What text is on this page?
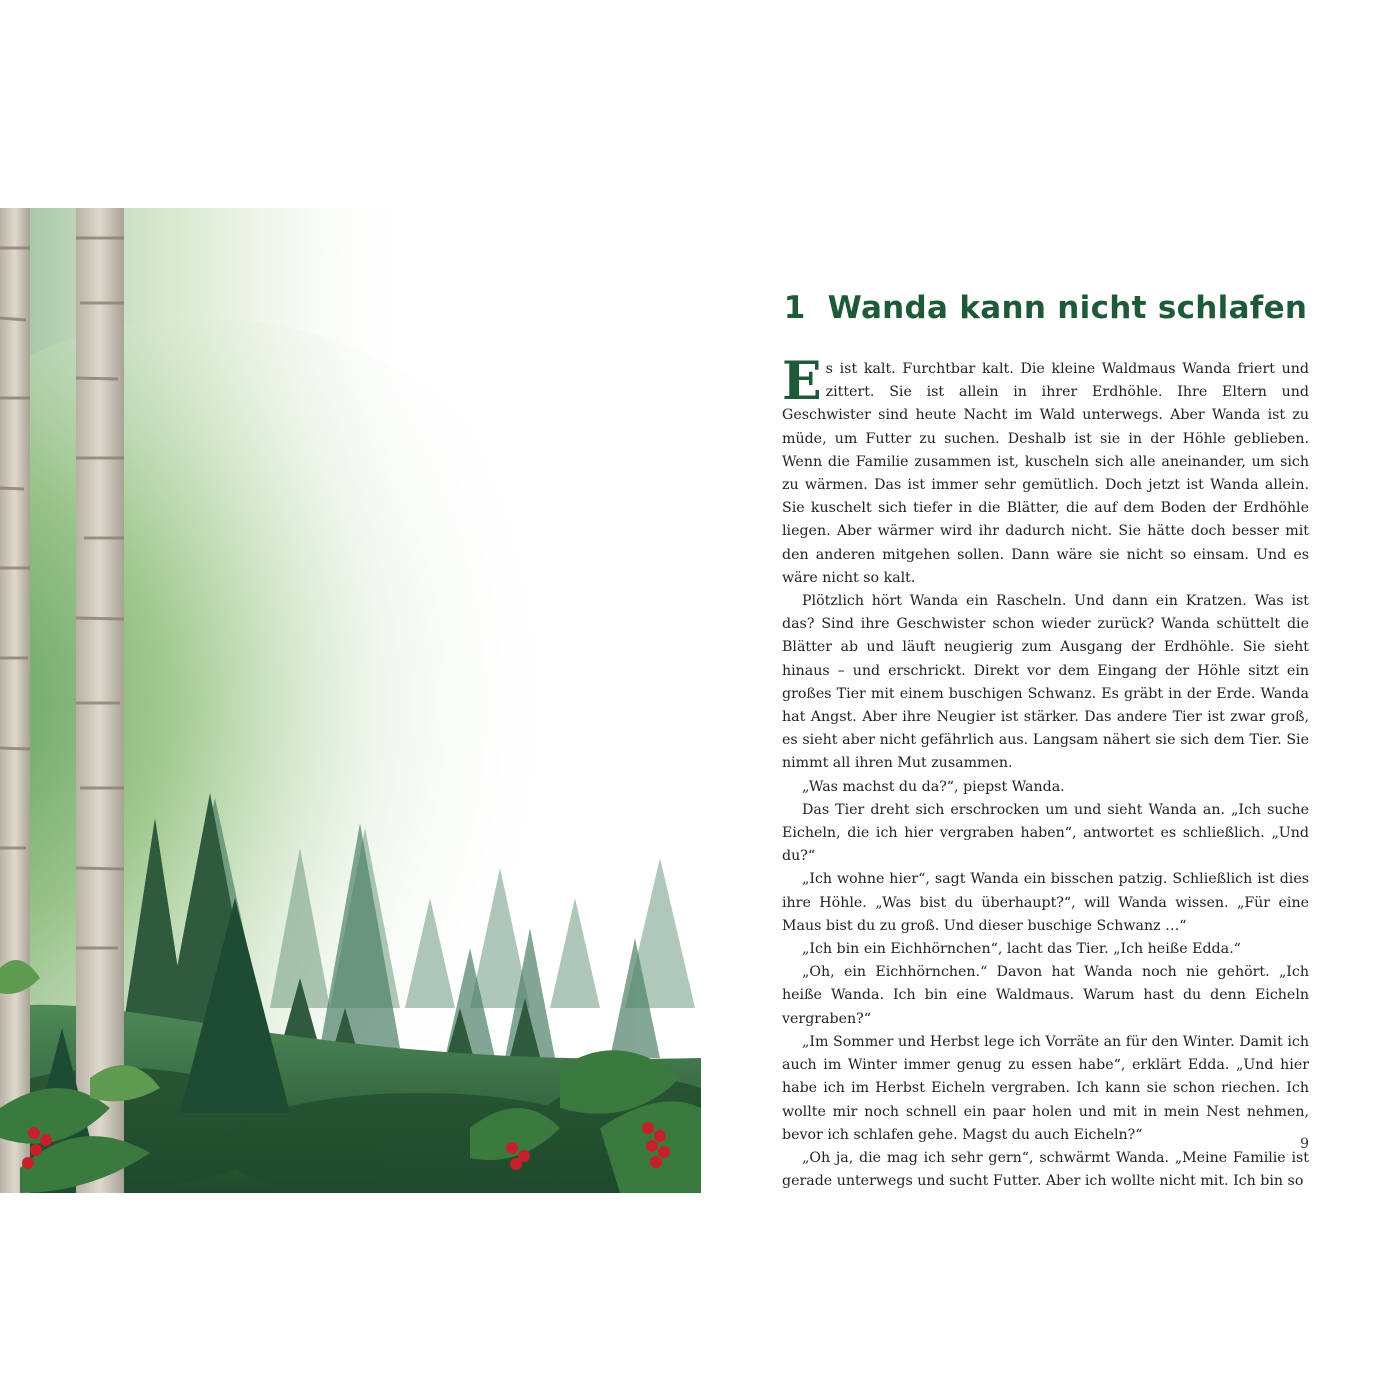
1 Wanda kann nicht schlafen

Es ist kalt. Furchtbar kalt. Die kleine Waldmaus Wanda friert und zittert. Sie ist allein in ihrer Erdhöhle. Ihre Eltern und Geschwister sind heute Nacht im Wald unterwegs. Aber Wanda ist zu müde, um Futter zu suchen. Deshalb ist sie in der Höhle geblieben. Wenn die Familie zusammen ist, kuscheln sich alle aneinander, um sich zu wärmen. Das ist immer sehr gemütlich. Doch jetzt ist Wanda allein. Sie kuschelt sich tiefer in die Blätter, die auf dem Boden der Erdhöhle liegen. Aber wärmer wird ihr dadurch nicht. Sie hätte doch besser mit den anderen mitgehen sollen. Dann wäre sie nicht so einsam. Und es wäre nicht so kalt.

Plötzlich hört Wanda ein Rascheln. Und dann ein Kratzen. Was ist das? Sind ihre Geschwister schon wieder zurück? Wanda schüttelt die Blätter ab und läuft neugierig zum Ausgang der Erdhöhle. Sie sieht hinaus – und erschrickt. Direkt vor dem Eingang der Höhle sitzt ein großes Tier mit einem buschigen Schwanz. Es gräbt in der Erde. Wanda hat Angst. Aber ihre Neugier ist stärker. Das andere Tier ist zwar groß, es sieht aber nicht gefährlich aus. Langsam nähert sie sich dem Tier. Sie nimmt all ihren Mut zusammen.

„Was machst du da?“, piepst Wanda.

Das Tier dreht sich erschrocken um und sieht Wanda an. „Ich suche Eicheln, die ich hier vergraben haben“, antwortet es schließlich. „Und du?“

„Ich wohne hier“, sagt Wanda ein bisschen patzig. Schließlich ist dies ihre Höhle. „Was bist du überhaupt?“, will Wanda wissen. „Für eine Maus bist du zu groß. Und dieser buschige Schwanz …“

„Ich bin ein Eichhörnchen“, lacht das Tier. „Ich heiße Edda.“

„Oh, ein Eichhörnchen.“ Davon hat Wanda noch nie gehört. „Ich heiße Wanda. Ich bin eine Waldmaus. Warum hast du denn Eicheln vergraben?“

„Im Sommer und Herbst lege ich Vorräte an für den Winter. Damit ich auch im Winter immer genug zu essen habe“, erklärt Edda. „Und hier habe ich im Herbst Eicheln vergraben. Ich kann sie schon riechen. Ich wollte mir noch schnell ein paar holen und mit in mein Nest nehmen, bevor ich schlafen gehe. Magst du auch Eicheln?“

„Oh ja, die mag ich sehr gern“, schwärmt Wanda. „Meine Familie ist gerade unterwegs und sucht Futter. Aber ich wollte nicht mit. Ich bin so

9
